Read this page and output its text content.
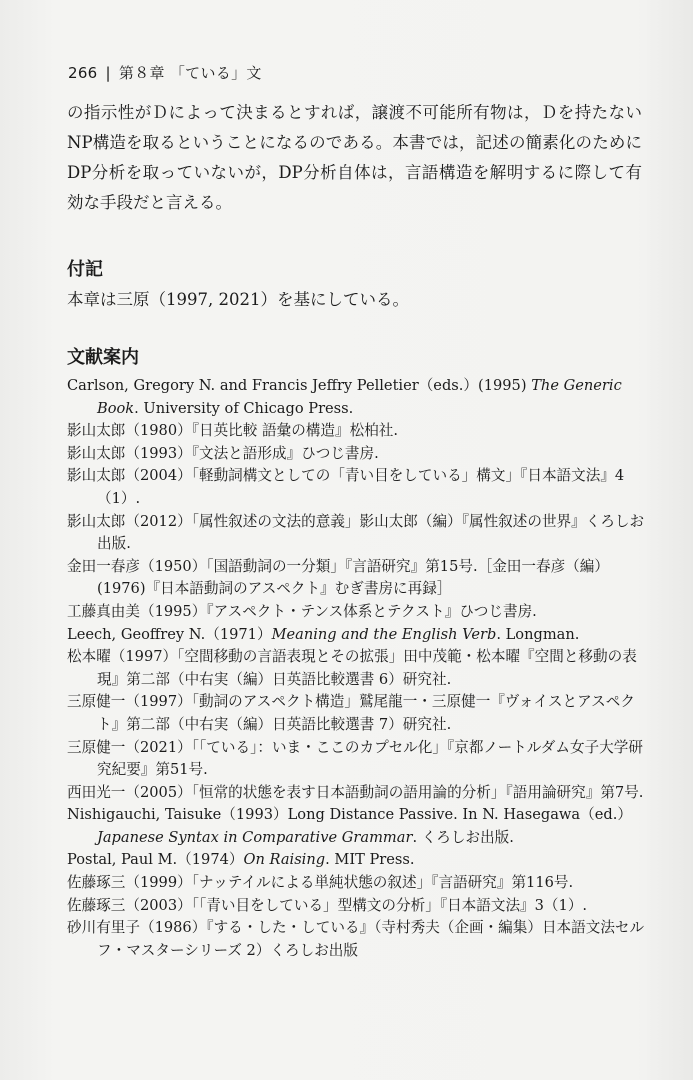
266 | 第８章 「ている」文

の指示性がＤによって決まるとすれば，譲渡不可能所有物は，Ｄを持たないNP構造を取るということになるのである。本書では，記述の簡素化のためにDP分析を取っていないが，DP分析自体は，言語構造を解明するに際して有効な手段だと言える。

付記
本章は三原（1997, 2021）を基にしている。
文献案内
Carlson, Gregory N. and Francis Jeffry Pelletier（eds.）(1995) The Generic Book. University of Chicago Press.
影山太郎（1980）『日英比較 語彙の構造』松柏社.
影山太郎（1993）『文法と語形成』ひつじ書房.
影山太郎（2004）「軽動詞構文としての「青い目をしている」構文」『日本語文法』4（1）.
影山太郎（2012）「属性叙述の文法的意義」影山太郎（編）『属性叙述の世界』くろしお出版.
金田一春彦（1950）「国語動詞の一分類」『言語研究』第15号.［金田一春彦（編）(1976)『日本語動詞のアスペクト』むぎ書房に再録］
工藤真由美（1995）『アスペクト・テンス体系とテクスト』ひつじ書房.
Leech, Geoffrey N.（1971）Meaning and the English Verb. Longman.
松本曜（1997）「空間移動の言語表現とその拡張」田中茂範・松本曜『空間と移動の表現』第二部（中右実（編）日英語比較選書 6）研究社.
三原健一（1997）「動詞のアスペクト構造」鷲尾龍一・三原健一『ヴォイスとアスペクト』第二部（中右実（編）日英語比較選書 7）研究社.
三原健一（2021）「「ている」：いま・ここのカプセル化」『京都ノートルダム女子大学研究紀要』第51号.
西田光一（2005）「恒常的状態を表す日本語動詞の語用論的分析」『語用論研究』第7号.
Nishigauchi, Taisuke（1993）Long Distance Passive. In N. Hasegawa（ed.）Japanese Syntax in Comparative Grammar. くろしお出版.
Postal, Paul M.（1974）On Raising. MIT Press.
佐藤琢三（1999）「ナッテイルによる単純状態の叙述」『言語研究』第116号.
佐藤琢三（2003）「「青い目をしている」型構文の分析」『日本語文法』3（1）.
砂川有里子（1986）『する・した・している』（寺村秀夫（企画・編集）日本語文法セルフ・マスターシリーズ 2）くろしお出版
